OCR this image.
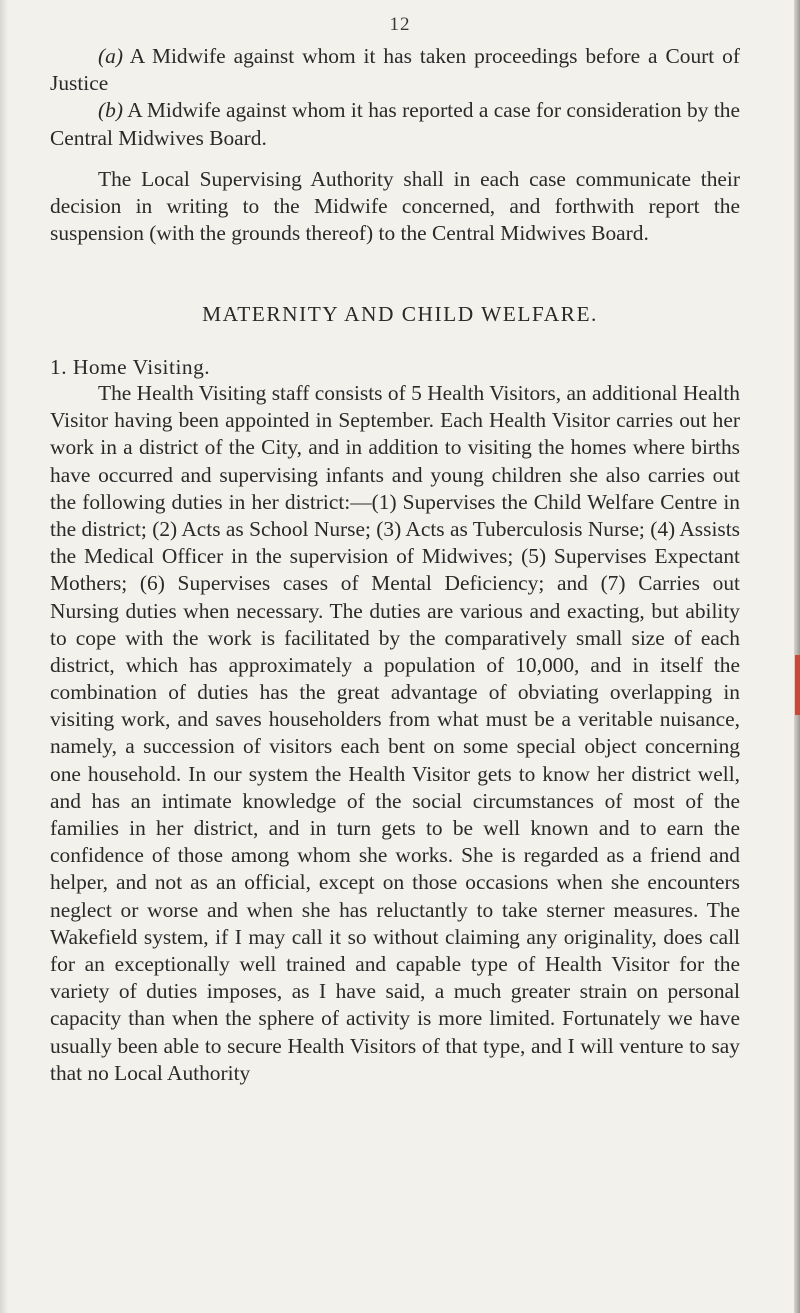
12

(a) A Midwife against whom it has taken proceedings before a Court of Justice

(b) A Midwife against whom it has reported a case for consideration by the Central Midwives Board.

The Local Supervising Authority shall in each case communicate their decision in writing to the Midwife concerned, and forthwith report the suspension (with the grounds thereof) to the Central Midwives Board.

MATERNITY AND CHILD WELFARE.
1. Home Visiting.

The Health Visiting staff consists of 5 Health Visitors, an additional Health Visitor having been appointed in September. Each Health Visitor carries out her work in a district of the City, and in addition to visiting the homes where births have occurred and supervising infants and young children she also carries out the following duties in her district:—(1) Supervises the Child Welfare Centre in the district; (2) Acts as School Nurse; (3) Acts as Tuberculosis Nurse; (4) Assists the Medical Officer in the supervision of Midwives; (5) Supervises Expectant Mothers; (6) Supervises cases of Mental Deficiency; and (7) Carries out Nursing duties when necessary. The duties are various and exacting, but ability to cope with the work is facilitated by the comparatively small size of each district, which has approximately a population of 10,000, and in itself the combination of duties has the great advantage of obviating overlapping in visiting work, and saves householders from what must be a veritable nuisance, namely, a succession of visitors each bent on some special object concerning one household. In our system the Health Visitor gets to know her district well, and has an intimate knowledge of the social circumstances of most of the families in her district, and in turn gets to be well known and to earn the confidence of those among whom she works. She is regarded as a friend and helper, and not as an official, except on those occasions when she encounters neglect or worse and when she has reluctantly to take sterner measures. The Wakefield system, if I may call it so without claiming any originality, does call for an exceptionally well trained and capable type of Health Visitor for the variety of duties imposes, as I have said, a much greater strain on personal capacity than when the sphere of activity is more limited. Fortunately we have usually been able to secure Health Visitors of that type, and I will venture to say that no Local Authority
